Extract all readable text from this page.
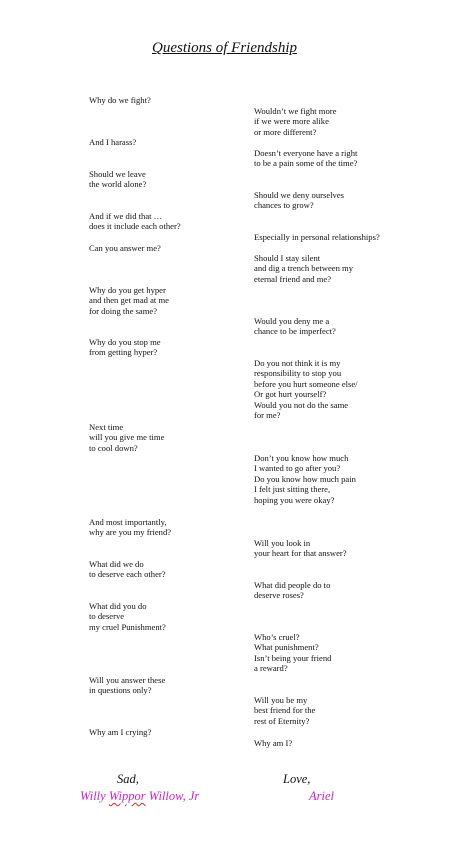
Questions of Friendship
Why do we fight?
And I harass?
Should we leave
the world alone?
And if we did that …
does it include each other?
Can you answer me?
Why do you get hyper
and then get mad at me
for doing the same?
Why do you stop me
from getting hyper?
Next time
will you give me time
to cool down?
And most importantly,
why are you my friend?
What did we do
to deserve each other?
What did you do
to deserve
my cruel Punishment?
Will you answer these
in questions only?
Why am I crying?
Wouldn’t we fight more
if we were more alike
or more different?
Doesn’t everyone have a right
to be a pain some of the time?
Should we deny ourselves
chances to grow?
Especially in personal relationships?
Should I stay silent
and dig a trench between my
eternal friend and me?
Would you deny me a
chance to be imperfect?
Do you not think it is my
responsibility to stop you
before you hurt someone else/
Or got hurt yourself?
Would you not do the same
for me?
Don’t you know how much
I wanted to go after you?
Do you know how much pain
I felt just sitting there,
hoping you were okay?
Will you look in
your heart for that answer?
What did people do to
deserve roses?
Who’s cruel?
What punishment?
Isn’t being your friend
a reward?
Will you be my
best friend for the
rest of Eternity?
Why am I?
Sad,
Willy Wippor Willow, Jr
Love,
Ariel
